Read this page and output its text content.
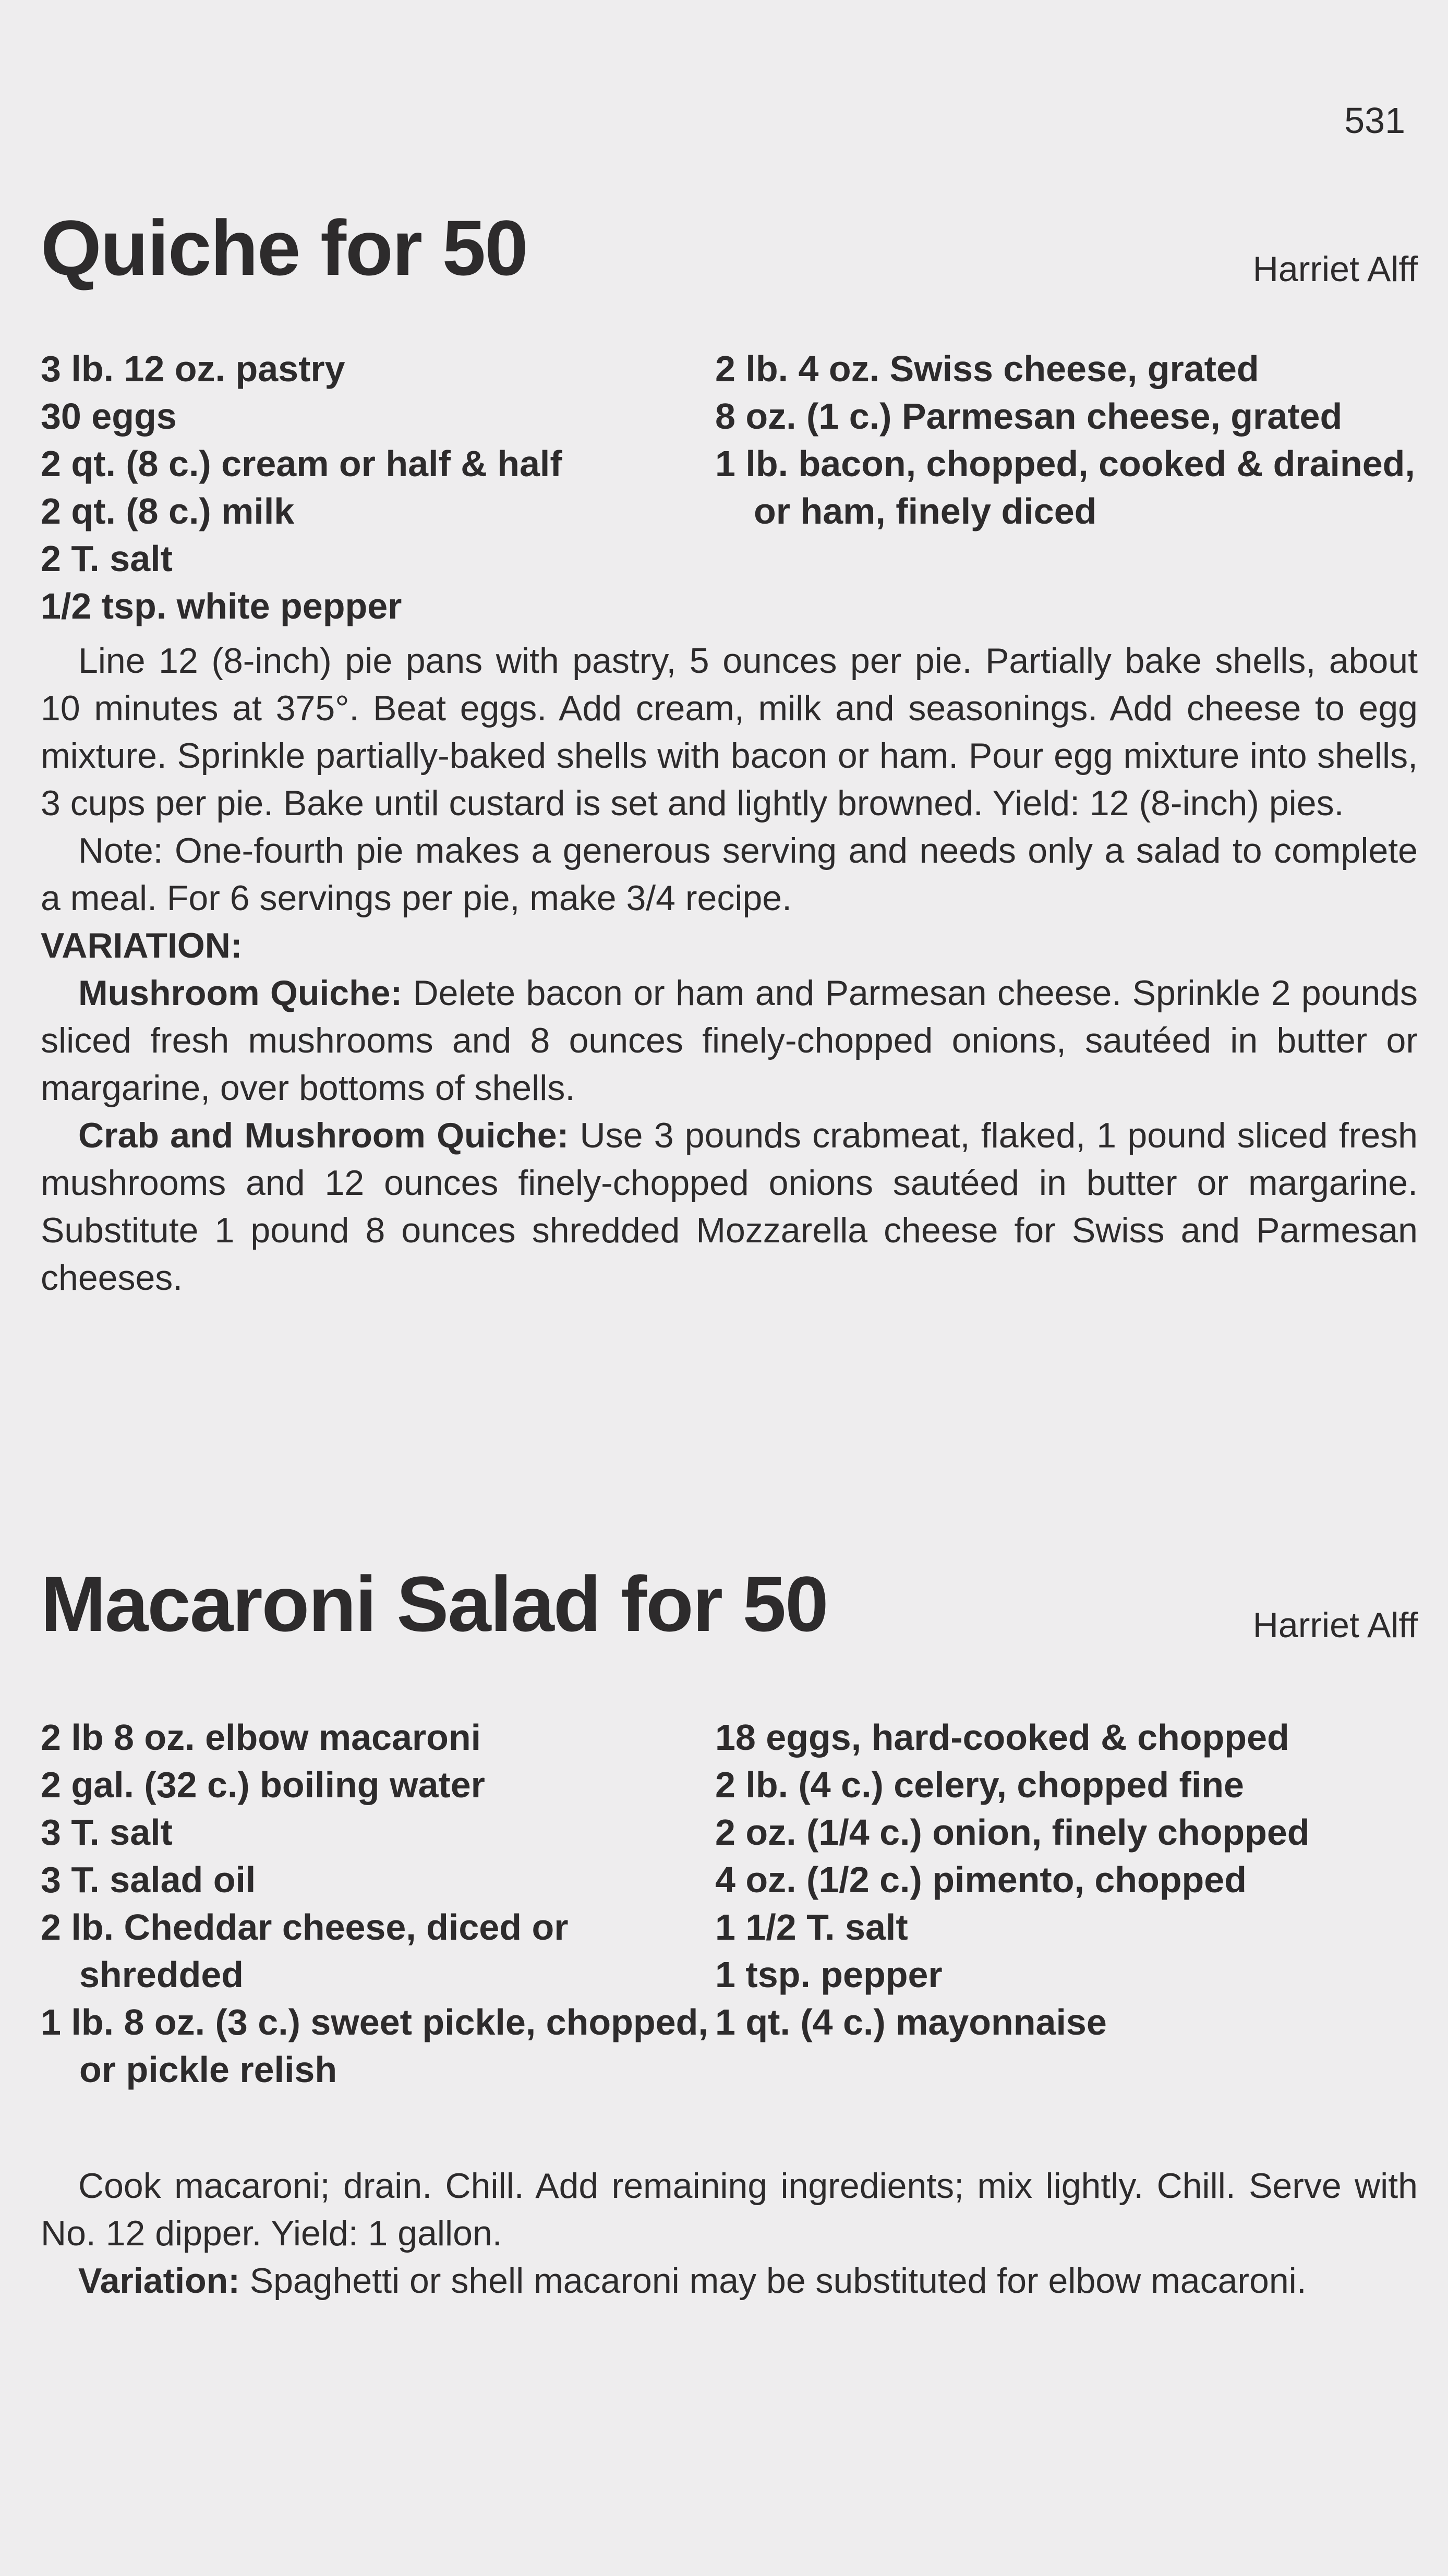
531
Quiche for 50	Harriet Alff
3 lb. 12 oz. pastry
30 eggs
2 qt. (8 c.) cream or half & half
2 qt. (8 c.) milk
2 T. salt
1/2 tsp. white pepper
2 lb. 4 oz. Swiss cheese, grated
8 oz. (1 c.) Parmesan cheese, grated
1 lb. bacon, chopped, cooked & drained, or ham, finely diced

Line 12 (8-inch) pie pans with pastry, 5 ounces per pie. Partially bake shells, about 10 minutes at 375°. Beat eggs. Add cream, milk and seasonings. Add cheese to egg mixture. Sprinkle partially-baked shells with bacon or ham. Pour egg mixture into shells, 3 cups per pie. Bake until custard is set and lightly browned. Yield: 12 (8-inch) pies.

Note: One-fourth pie makes a generous serving and needs only a salad to complete a meal. For 6 servings per pie, make 3/4 recipe.

VARIATION:

Mushroom Quiche: Delete bacon or ham and Parmesan cheese. Sprinkle 2 pounds sliced fresh mushrooms and 8 ounces finely-chopped onions, sautéed in butter or margarine, over bottoms of shells.

Crab and Mushroom Quiche: Use 3 pounds crabmeat, flaked, 1 pound sliced fresh mushrooms and 12 ounces finely-chopped onions sautéed in butter or margarine. Substitute 1 pound 8 ounces shredded Mozzarella cheese for Swiss and Parmesan cheeses.

Macaroni Salad for 50	Harriet Alff
2 lb 8 oz. elbow macaroni
2 gal. (32 c.) boiling water
3 T. salt
3 T. salad oil
2 lb. Cheddar cheese, diced or shredded
1 lb. 8 oz. (3 c.) sweet pickle, chopped, or pickle relish
18 eggs, hard-cooked & chopped
2 lb. (4 c.) celery, chopped fine
2 oz. (1/4 c.) onion, finely chopped
4 oz. (1/2 c.) pimento, chopped
1 1/2 T. salt
1 tsp. pepper
1 qt. (4 c.) mayonnaise

Cook macaroni; drain. Chill. Add remaining ingredients; mix lightly. Chill. Serve with No. 12 dipper. Yield: 1 gallon.

Variation: Spaghetti or shell macaroni may be substituted for elbow macaroni.
